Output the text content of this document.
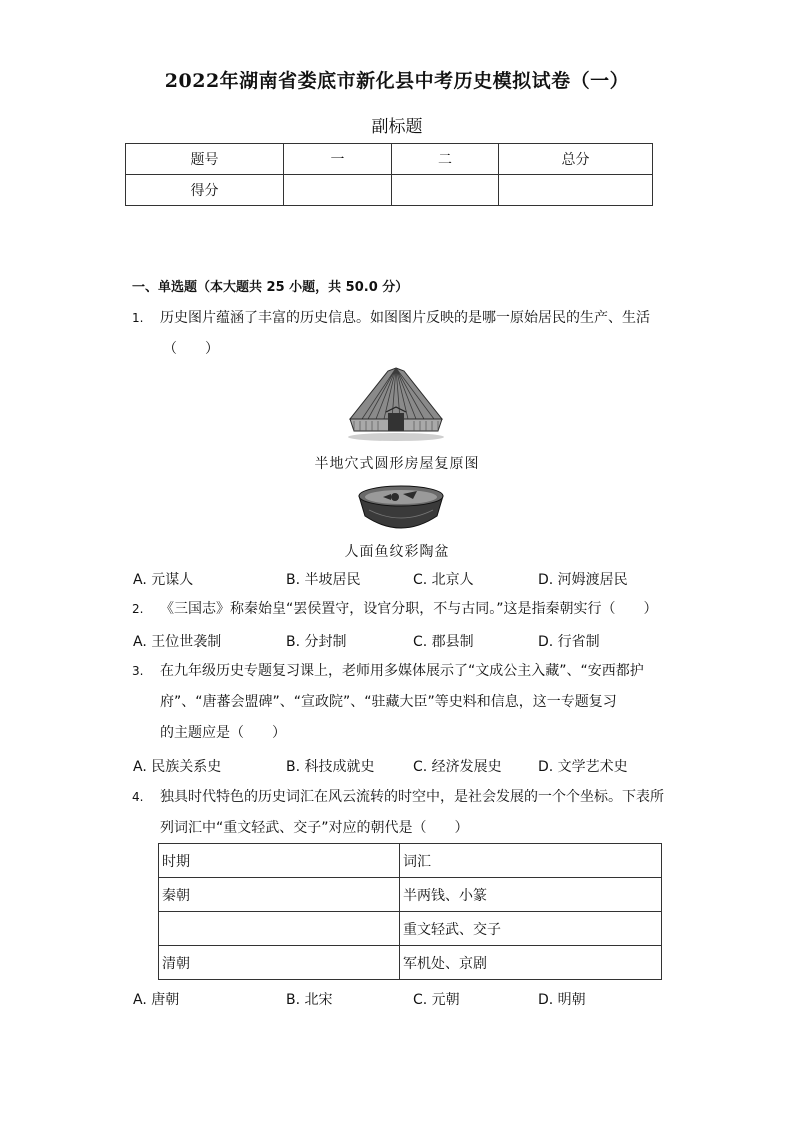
2022年湖南省娄底市新化县中考历史模拟试卷（一）
副标题
题号	一	二	总分
得分			
一、单选题（本大题共 25 小题，共 50.0 分）
1. 历史图片蕴涵了丰富的历史信息。如图图片反映的是哪一原始居民的生产、生活
（　　）
半地穴式圆形房屋复原图
人面鱼纹彩陶盆
A. 元谋人	B. 半坡居民	C. 北京人	D. 河姆渡居民
2. 《三国志》称秦始皇“罢侯置守，设官分职，不与古同。”这是指秦朝实行（　　）
A. 王位世袭制	B. 分封制	C. 郡县制	D. 行省制
3. 在九年级历史专题复习课上，老师用多媒体展示了“文成公主入藏”、“安西都护
府”、“唐蕃会盟碑”、“宣政院”、“驻藏大臣”等史料和信息，这一专题复习
的主题应是（　　）
A. 民族关系史	B. 科技成就史	C. 经济发展史	D. 文学艺术史
4. 独具时代特色的历史词汇在风云流转的时空中，是社会发展的一个个坐标。下表所
列词汇中“重文轻武、交子”对应的朝代是（　　）
时期	词汇
秦朝	半两钱、小篆
	重文轻武、交子
清朝	军机处、京剧
A. 唐朝	B. 北宋	C. 元朝	D. 明朝
